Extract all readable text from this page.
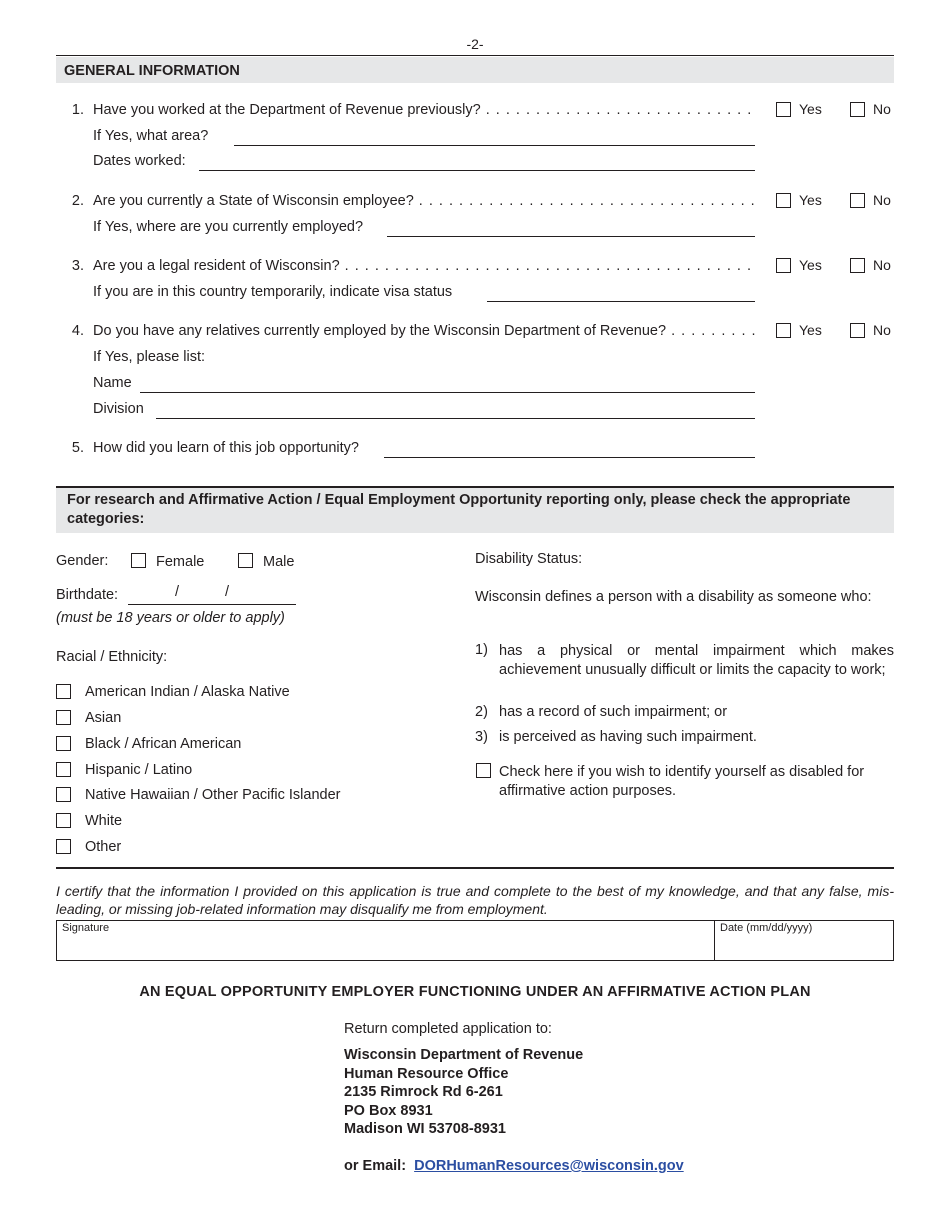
-2-
GENERAL INFORMATION
1. Have you worked at the Department of Revenue previously? . . .	Yes	No
If Yes, what area?
Dates worked:
2. Are you currently a State of Wisconsin employee? . . .	Yes	No
If Yes, where are you currently employed?
3. Are you a legal resident of Wisconsin? . . .	Yes	No
If you are in this country temporarily, indicate visa status
4. Do you have any relatives currently employed by the Wisconsin Department of Revenue? . . .	Yes	No
If Yes, please list:
Name
Division
5. How did you learn of this job opportunity?
For research and Affirmative Action / Equal Employment Opportunity reporting only, please check the appropriate categories:
Gender:	Female	Male
Birthdate:	/	/
(must be 18 years or older to apply)
Racial / Ethnicity:
American Indian / Alaska Native
Asian
Black / African American
Hispanic / Latino
Native Hawaiian / Other Pacific Islander
White
Other
Disability Status:
Wisconsin defines a person with a disability as someone who:
1) has a physical or mental impairment which makes achievement unusually difficult or limits the capacity to work;
2) has a record of such impairment; or
3) is perceived as having such impairment.
Check here if you wish to identify yourself as disabled for affirmative action purposes.
I certify that the information I provided on this application is true and complete to the best of my knowledge, and that any false, mis-leading, or missing job-related information may disqualify me from employment.
Signature	Date (mm/dd/yyyy)
AN EQUAL OPPORTUNITY EMPLOYER FUNCTIONING UNDER AN AFFIRMATIVE ACTION PLAN
Return completed application to:
Wisconsin Department of Revenue
Human Resource Office
2135 Rimrock Rd 6-261
PO Box 8931
Madison WI 53708-8931
or Email: DORHumanResources@wisconsin.gov
